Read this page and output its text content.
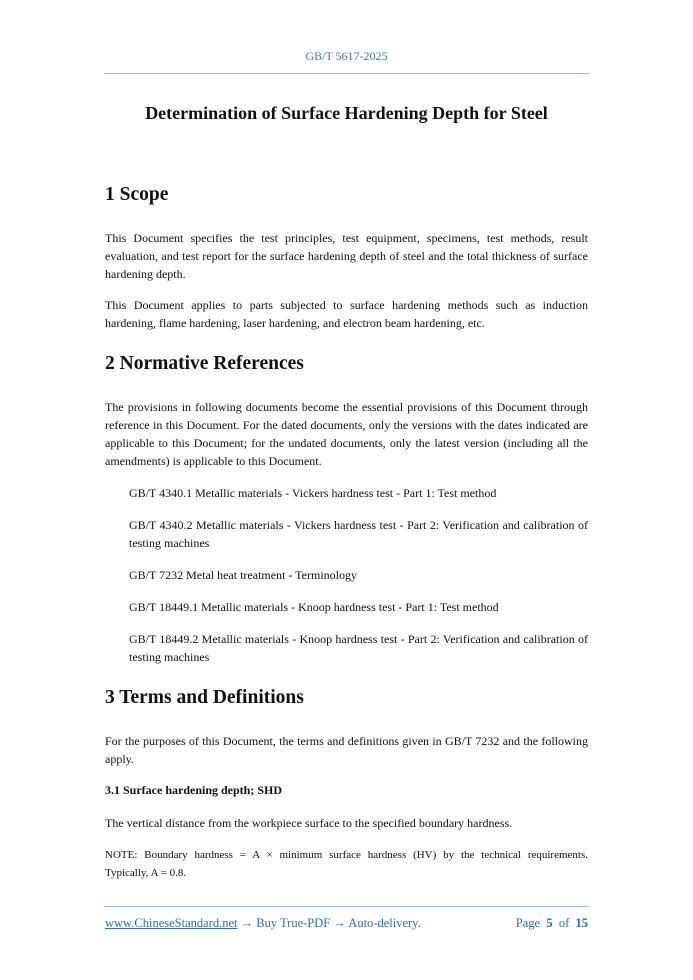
GB/T 5617-2025
Determination of Surface Hardening Depth for Steel
1 Scope

This Document specifies the test principles, test equipment, specimens, test methods, result evaluation, and test report for the surface hardening depth of steel and the total thickness of surface hardening depth.

This Document applies to parts subjected to surface hardening methods such as induction hardening, flame hardening, laser hardening, and electron beam hardening, etc.

2 Normative References

The provisions in following documents become the essential provisions of this Document through reference in this Document. For the dated documents, only the versions with the dates indicated are applicable to this Document; for the undated documents, only the latest version (including all the amendments) is applicable to this Document.

GB/T 4340.1 Metallic materials - Vickers hardness test - Part 1: Test method

GB/T 4340.2 Metallic materials - Vickers hardness test - Part 2: Verification and calibration of testing machines

GB/T 7232 Metal heat treatment - Terminology

GB/T 18449.1 Metallic materials - Knoop hardness test - Part 1: Test method

GB/T 18449.2 Metallic materials - Knoop hardness test - Part 2: Verification and calibration of testing machines

3 Terms and Definitions

For the purposes of this Document, the terms and definitions given in GB/T 7232 and the following apply.

3.1 Surface hardening depth; SHD

The vertical distance from the workpiece surface to the specified boundary hardness.

NOTE: Boundary hardness = A × minimum surface hardness (HV) by the technical requirements.

Typically, A = 0.8.

www.ChineseStandard.net → Buy True-PDF → Auto-delivery.	Page 5 of 15
